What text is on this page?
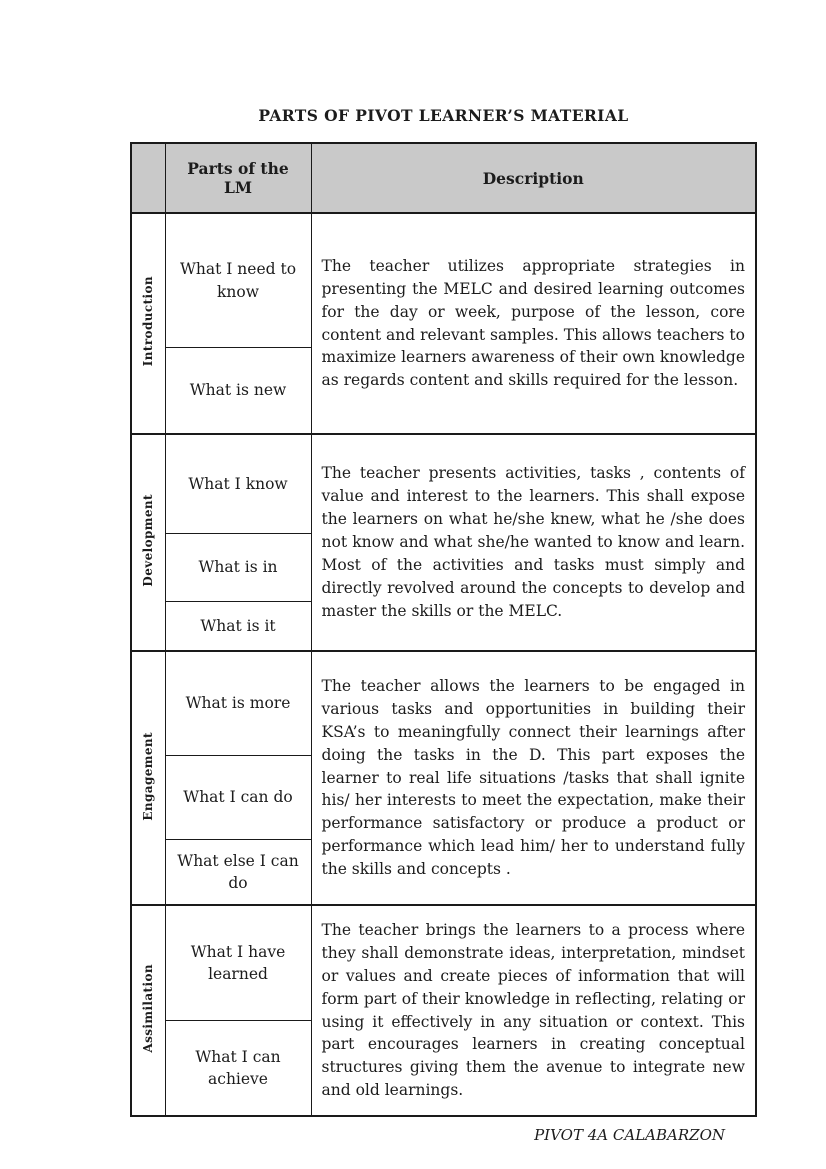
PARTS OF PIVOT LEARNER’S MATERIAL
	Parts of the LM	Description
Introduction	What I need to know	The teacher utilizes appropriate strategies in presenting the MELC and desired learning outcomes for the day or week, purpose of the lesson, core content and relevant samples. This allows teachers to maximize learners awareness of their own knowledge as regards content and skills required for the lesson.
	What is new	
Development	What I know	The teacher presents activities, tasks , contents of value and interest to the learners. This shall expose the learners on what he/she knew, what he /she does not know and what she/he wanted to know and learn. Most of the activities and tasks must simply and directly revolved around the concepts to develop and master the skills or the MELC.
	What is in	
	What is it	
Engagement	What is more	The teacher allows the learners to be engaged in various tasks and opportunities in building their KSA’s to meaningfully connect their learnings after doing the tasks in the D. This part exposes the learner to real life situations /tasks that shall ignite his/ her interests to meet the expectation, make their performance satisfactory or produce a product or performance which lead him/ her to understand fully the skills and concepts .
	What I can do	
	What else I can do	
Assimilation	What I have learned	The teacher brings the learners to a process where they shall demonstrate ideas, interpretation, mindset or values and create pieces of information that will form part of their knowledge in reflecting, relating or using it effectively in any situation or context. This part encourages learners in creating conceptual structures giving them the avenue to integrate new and old learnings.
	What I can achieve	
PIVOT 4A CALABARZON
